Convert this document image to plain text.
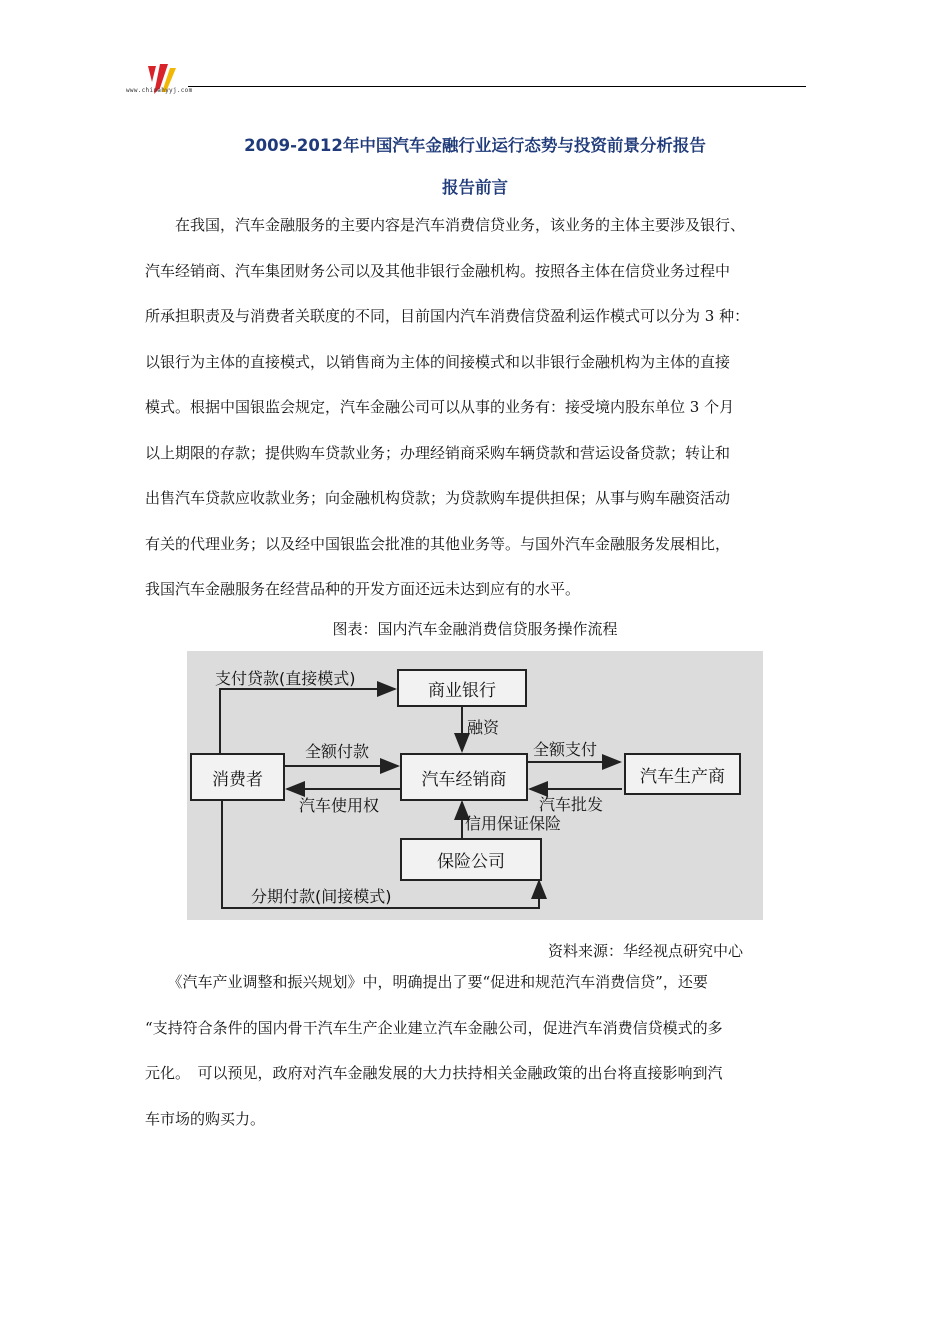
www.chinahyyj.com
2009-2012年中国汽车金融行业运行态势与投资前景分析报告
报告前言
　　在我国，汽车金融服务的主要内容是汽车消费信贷业务，该业务的主体主要涉及银行、
汽车经销商、汽车集团财务公司以及其他非银行金融机构。按照各主体在信贷业务过程中
所承担职责及与消费者关联度的不同，目前国内汽车消费信贷盈利运作模式可以分为 3 种：
以银行为主体的直接模式，以销售商为主体的间接模式和以非银行金融机构为主体的直接
模式。根据中国银监会规定，汽车金融公司可以从事的业务有：接受境内股东单位 3 个月
以上期限的存款；提供购车贷款业务；办理经销商采购车辆贷款和营运设备贷款；转让和
出售汽车贷款应收款业务；向金融机构贷款；为贷款购车提供担保；从事与购车融资活动
有关的代理业务；以及经中国银监会批准的其他业务等。与国外汽车金融服务发展相比，
我国汽车金融服务在经营品种的开发方面还远未达到应有的水平。
图表：国内汽车金融消费信贷服务操作流程
商业银行
消费者	汽车经销商	汽车生产商
保险公司
支付贷款(直接模式)
融资
全额付款
汽车使用权
全额支付
汽车批发
信用保证保险
分期付款(间接模式)
资料来源：华经视点研究中心
　　《汽车产业调整和振兴规划》中，明确提出了要“促进和规范汽车消费信贷”，还要
“支持符合条件的国内骨干汽车生产企业建立汽车金融公司，促进汽车消费信贷模式的多
元化。　可以预见，政府对汽车金融发展的大力扶持相关金融政策的出台将直接影响到汽
车市场的购买力。
